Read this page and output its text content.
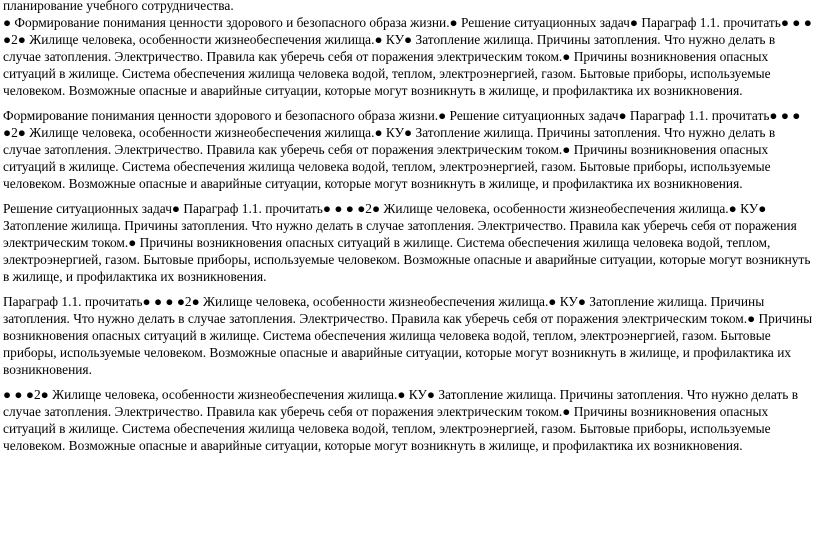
планирование учебного сотрудничества.

● Формирование понимания ценности здорового и безопасного образа жизни.● Решение ситуационных задач● Параграф 1.1. прочитать● ● ● ●2● Жилище человека, особенности жизнеобеспечения жилища.● КУ● Затопление жилища. Причины затопления. Что нужно делать в случае затопления. Электричество. Правила как уберечь себя от поражения электрическим током.● Причины возникновения опасных ситуаций в жилище. Система обеспечения жилища человека водой, теплом, электроэнергией, газом. Бытовые приборы, используемые человеком. Возможные опасные и аварийные ситуации, которые могут возникнуть в жилище, и профилактика их возникновения.

Формирование понимания ценности здорового и безопасного образа жизни.● Решение ситуационных задач● Параграф 1.1. прочитать● ● ● ●2● Жилище человека, особенности жизнеобеспечения жилища.● КУ● Затопление жилища. Причины затопления. Что нужно делать в случае затопления. Электричество. Правила как уберечь себя от поражения электрическим током.● Причины возникновения опасных ситуаций в жилище. Система обеспечения жилища человека водой, теплом, электроэнергией, газом. Бытовые приборы, используемые человеком. Возможные опасные и аварийные ситуации, которые могут возникнуть в жилище, и профилактика их возникновения.

Решение ситуационных задач● Параграф 1.1. прочитать● ● ● ●2● Жилище человека, особенности жизнеобеспечения жилища.● КУ● Затопление жилища. Причины затопления. Что нужно делать в случае затопления. Электричество. Правила как уберечь себя от поражения электрическим током.● Причины возникновения опасных ситуаций в жилище. Система обеспечения жилища человека водой, теплом, электроэнергией, газом. Бытовые приборы, используемые человеком. Возможные опасные и аварийные ситуации, которые могут возникнуть в жилище, и профилактика их возникновения.

Параграф 1.1. прочитать● ● ● ●2● Жилище человека, особенности жизнеобеспечения жилища.● КУ● Затопление жилища. Причины затопления. Что нужно делать в случае затопления. Электричество. Правила как уберечь себя от поражения электрическим током.● Причины возникновения опасных ситуаций в жилище. Система обеспечения жилища человека водой, теплом, электроэнергией, газом. Бытовые приборы, используемые человеком. Возможные опасные и аварийные ситуации, которые могут возникнуть в жилище, и профилактика их возникновения.

● ● ●2● Жилище человека, особенности жизнеобеспечения жилища.● КУ● Затопление жилища. Причины затопления. Что нужно делать в случае затопления. Электричество. Правила как уберечь себя от поражения электрическим током.● Причины возникновения опасных ситуаций в жилище. Система обеспечения жилища человека водой, теплом, электроэнергией, газом. Бытовые приборы, используемые человеком. Возможные опасные и аварийные ситуации, которые могут возникнуть в жилище, и профилактика их возникновения.
